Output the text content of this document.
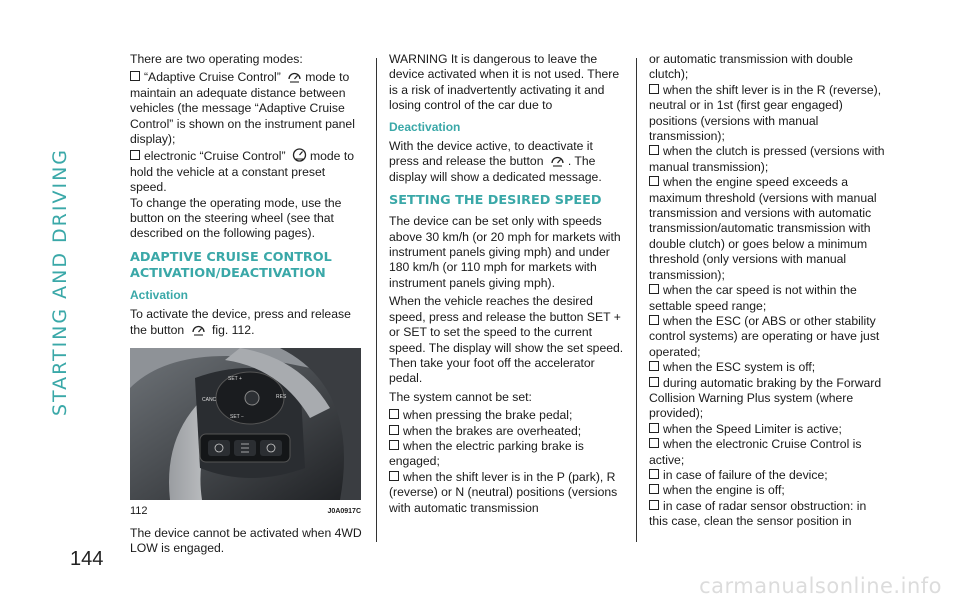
STARTING AND DRIVING
144

There are two operating modes:

“Adaptive Cruise Control” mode to maintain an adequate distance between vehicles (the message “Adaptive Cruise Control” is shown on the instrument panel display);

electronic “Cruise Control” mode to hold the vehicle at a constant preset speed.

To change the operating mode, use the button on the steering wheel (see that described on the following pages).

ADAPTIVE CRUISE CONTROL ACTIVATION/DEACTIVATION
Activation

To activate the device, press and release the button fig. 112.

SET +
CANC	RES
SET −
112	J0A0917C

The device cannot be activated when 4WD LOW is engaged.

WARNING It is dangerous to leave the device activated when it is not used. There is a risk of inadvertently activating it and losing control of the car due to

Deactivation

With the device active, to deactivate it press and release the button . The display will show a dedicated message.

SETTING THE DESIRED SPEED

The device can be set only with speeds above 30 km/h (or 20 mph for markets with instrument panels giving mph) and under 180 km/h (or 110 mph for markets with instrument panels giving mph).

When the vehicle reaches the desired speed, press and release the button SET + or SET to set the speed to the current speed. The display will show the set speed. Then take your foot off the accelerator pedal.

The system cannot be set:

when pressing the brake pedal;

when the brakes are overheated;

when the electric parking brake is engaged;

when the shift lever is in the P (park), R (reverse) or N (neutral) positions (versions with automatic transmission

or automatic transmission with double clutch);

when the shift lever is in the R (reverse), neutral or in 1st (first gear engaged) positions (versions with manual transmission);

when the clutch is pressed (versions with manual transmission);

when the engine speed exceeds a maximum threshold (versions with manual transmission and versions with automatic transmission/automatic transmission with double clutch) or goes below a minimum threshold (only versions with manual transmission);

when the car speed is not within the settable speed range;

when the ESC (or ABS or other stability control systems) are operating or have just operated;

when the ESC system is off;

during automatic braking by the Forward Collision Warning Plus system (where provided);

when the Speed Limiter is active;

when the electronic Cruise Control is active;

in case of failure of the device;

when the engine is off;

in case of radar sensor obstruction: in this case, clean the sensor position in

carmanualsonline.info
